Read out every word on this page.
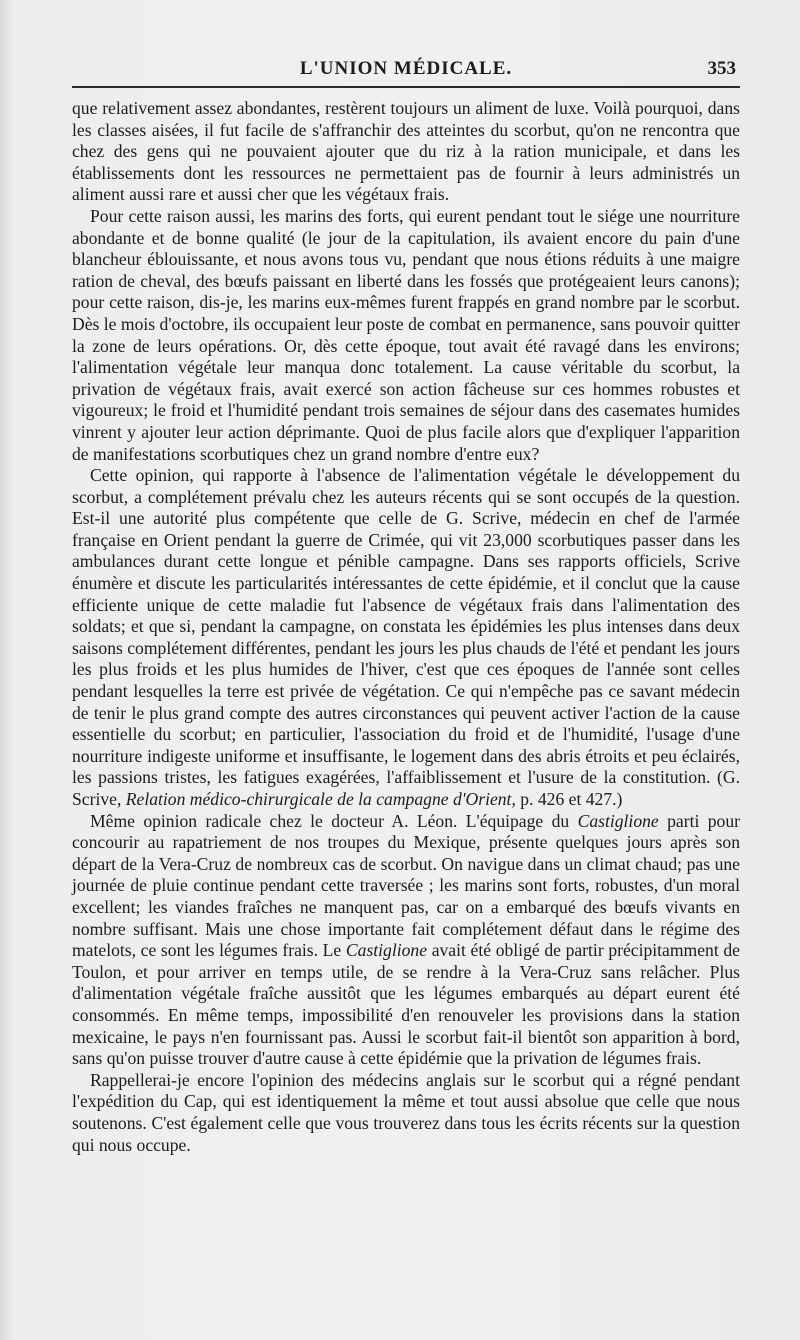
L'UNION MÉDICALE.	353

que relativement assez abondantes, restèrent toujours un aliment de luxe. Voilà pourquoi, dans les classes aisées, il fut facile de s'affranchir des atteintes du scorbut, qu'on ne rencontra que chez des gens qui ne pouvaient ajouter que du riz à la ration municipale, et dans les établissements dont les ressources ne permettaient pas de fournir à leurs administrés un aliment aussi rare et aussi cher que les végétaux frais.

Pour cette raison aussi, les marins des forts, qui eurent pendant tout le siége une nourriture abondante et de bonne qualité (le jour de la capitulation, ils avaient encore du pain d'une blancheur éblouissante, et nous avons tous vu, pendant que nous étions réduits à une maigre ration de cheval, des bœufs paissant en liberté dans les fossés que protégeaient leurs canons); pour cette raison, dis-je, les marins eux-mêmes furent frappés en grand nombre par le scorbut. Dès le mois d'octobre, ils occupaient leur poste de combat en permanence, sans pouvoir quitter la zone de leurs opérations. Or, dès cette époque, tout avait été ravagé dans les environs; l'alimentation végétale leur manqua donc totalement. La cause véritable du scorbut, la privation de végétaux frais, avait exercé son action fâcheuse sur ces hommes robustes et vigoureux; le froid et l'humidité pendant trois semaines de séjour dans des casemates humides vinrent y ajouter leur action déprimante. Quoi de plus facile alors que d'expliquer l'apparition de manifestations scorbutiques chez un grand nombre d'entre eux?

Cette opinion, qui rapporte à l'absence de l'alimentation végétale le développement du scorbut, a complétement prévalu chez les auteurs récents qui se sont occupés de la question. Est-il une autorité plus compétente que celle de G. Scrive, médecin en chef de l'armée française en Orient pendant la guerre de Crimée, qui vit 23,000 scorbutiques passer dans les ambulances durant cette longue et pénible campagne. Dans ses rapports officiels, Scrive énumère et discute les particularités intéressantes de cette épidémie, et il conclut que la cause efficiente unique de cette maladie fut l'absence de végétaux frais dans l'alimentation des soldats; et que si, pendant la campagne, on constata les épidémies les plus intenses dans deux saisons complétement différentes, pendant les jours les plus chauds de l'été et pendant les jours les plus froids et les plus humides de l'hiver, c'est que ces époques de l'année sont celles pendant lesquelles la terre est privée de végétation. Ce qui n'empêche pas ce savant médecin de tenir le plus grand compte des autres circonstances qui peuvent activer l'action de la cause essentielle du scorbut; en particulier, l'association du froid et de l'humidité, l'usage d'une nourriture indigeste uniforme et insuffisante, le logement dans des abris étroits et peu éclairés, les passions tristes, les fatigues exagérées, l'affaiblissement et l'usure de la constitution. (G. Scrive, Relation médico-chirurgicale de la campagne d'Orient, p. 426 et 427.)

Même opinion radicale chez le docteur A. Léon. L'équipage du Castiglione parti pour concourir au rapatriement de nos troupes du Mexique, présente quelques jours après son départ de la Vera-Cruz de nombreux cas de scorbut. On navigue dans un climat chaud; pas une journée de pluie continue pendant cette traversée ; les marins sont forts, robustes, d'un moral excellent; les viandes fraîches ne manquent pas, car on a embarqué des bœufs vivants en nombre suffisant. Mais une chose importante fait complétement défaut dans le régime des matelots, ce sont les légumes frais. Le Castiglione avait été obligé de partir précipitamment de Toulon, et pour arriver en temps utile, de se rendre à la Vera-Cruz sans relâcher. Plus d'alimentation végétale fraîche aussitôt que les légumes embarqués au départ eurent été consommés. En même temps, impossibilité d'en renouveler les provisions dans la station mexicaine, le pays n'en fournissant pas. Aussi le scorbut fait-il bientôt son apparition à bord, sans qu'on puisse trouver d'autre cause à cette épidémie que la privation de légumes frais.

Rappellerai-je encore l'opinion des médecins anglais sur le scorbut qui a régné pendant l'expédition du Cap, qui est identiquement la même et tout aussi absolue que celle que nous soutenons. C'est également celle que vous trouverez dans tous les écrits récents sur la question qui nous occupe.
